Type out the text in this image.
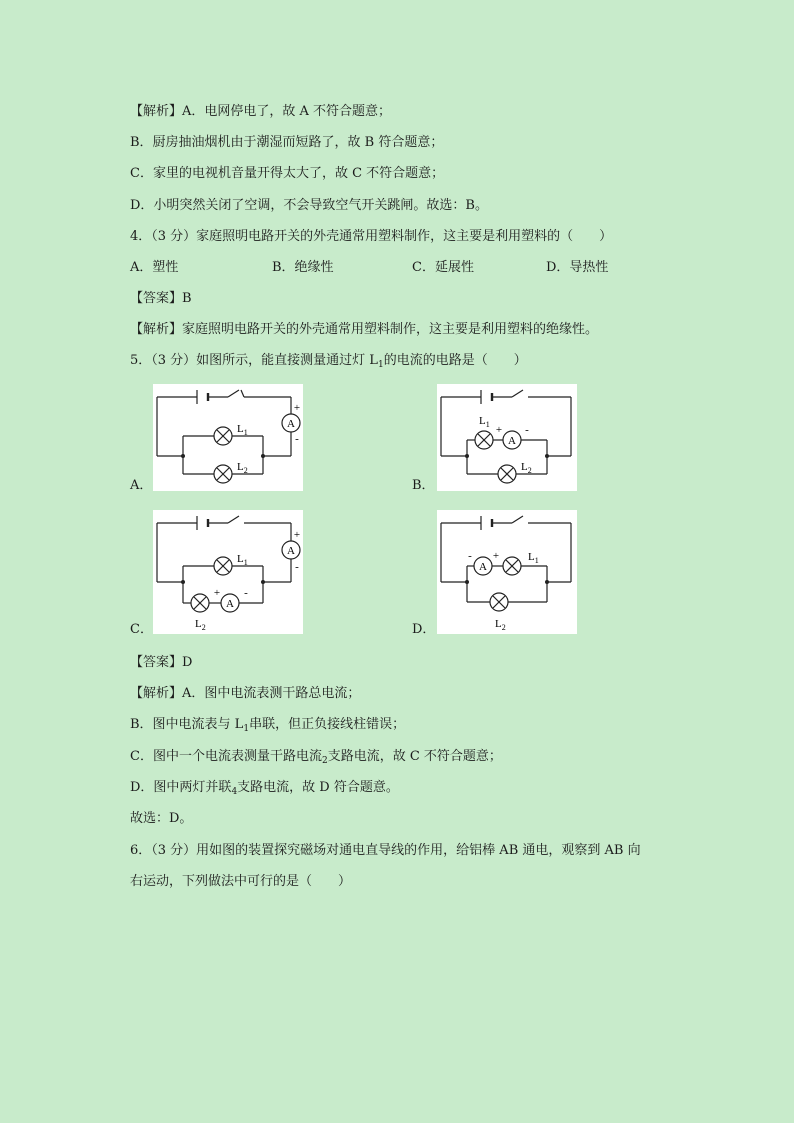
【解析】A．电网停电了，故 A 不符合题意；
B．厨房抽油烟机由于潮湿而短路了，故 B 符合题意；
C．家里的电视机音量开得太大了，故 C 不符合题意；
D．小明突然关闭了空调，不会导致空气开关跳闸。故选：B。
4．（3 分）家庭照明电路开关的外壳通常用塑料制作，这主要是利用塑料的（　　）
A．塑性	B．绝缘性	C．延展性	D．导热性
【答案】B
【解析】家庭照明电路开关的外壳通常用塑料制作，这主要是利用塑料的绝缘性。
5．（3 分）如图所示，能直接测量通过灯 $L_1$的电流的电路是（　　）
A
+
-
$L_1$
$L_2$
A．
A
+ -
$L_1$
$L_2$
B．
A
+
-
A
+ -
$L_1$
$L_2$
C．
A
- +	$L_1$
$L_2$
D．
【答案】D
【解析】A．图中电流表测干路总电流；
B．图中电流表与 $L_1$串联，但正负接线柱错误；
C．图中一个电流表测量干路电流$_2$支路电流，故 C 不符合题意；
D．图中两灯并联$_4$支路电流，故 D 符合题意。
故选：D。
6．（3 分）用如图的装置探究磁场对通电直导线的作用，给铝棒 AB 通电，观察到 AB 向
右运动，下列做法中可行的是（　　）
